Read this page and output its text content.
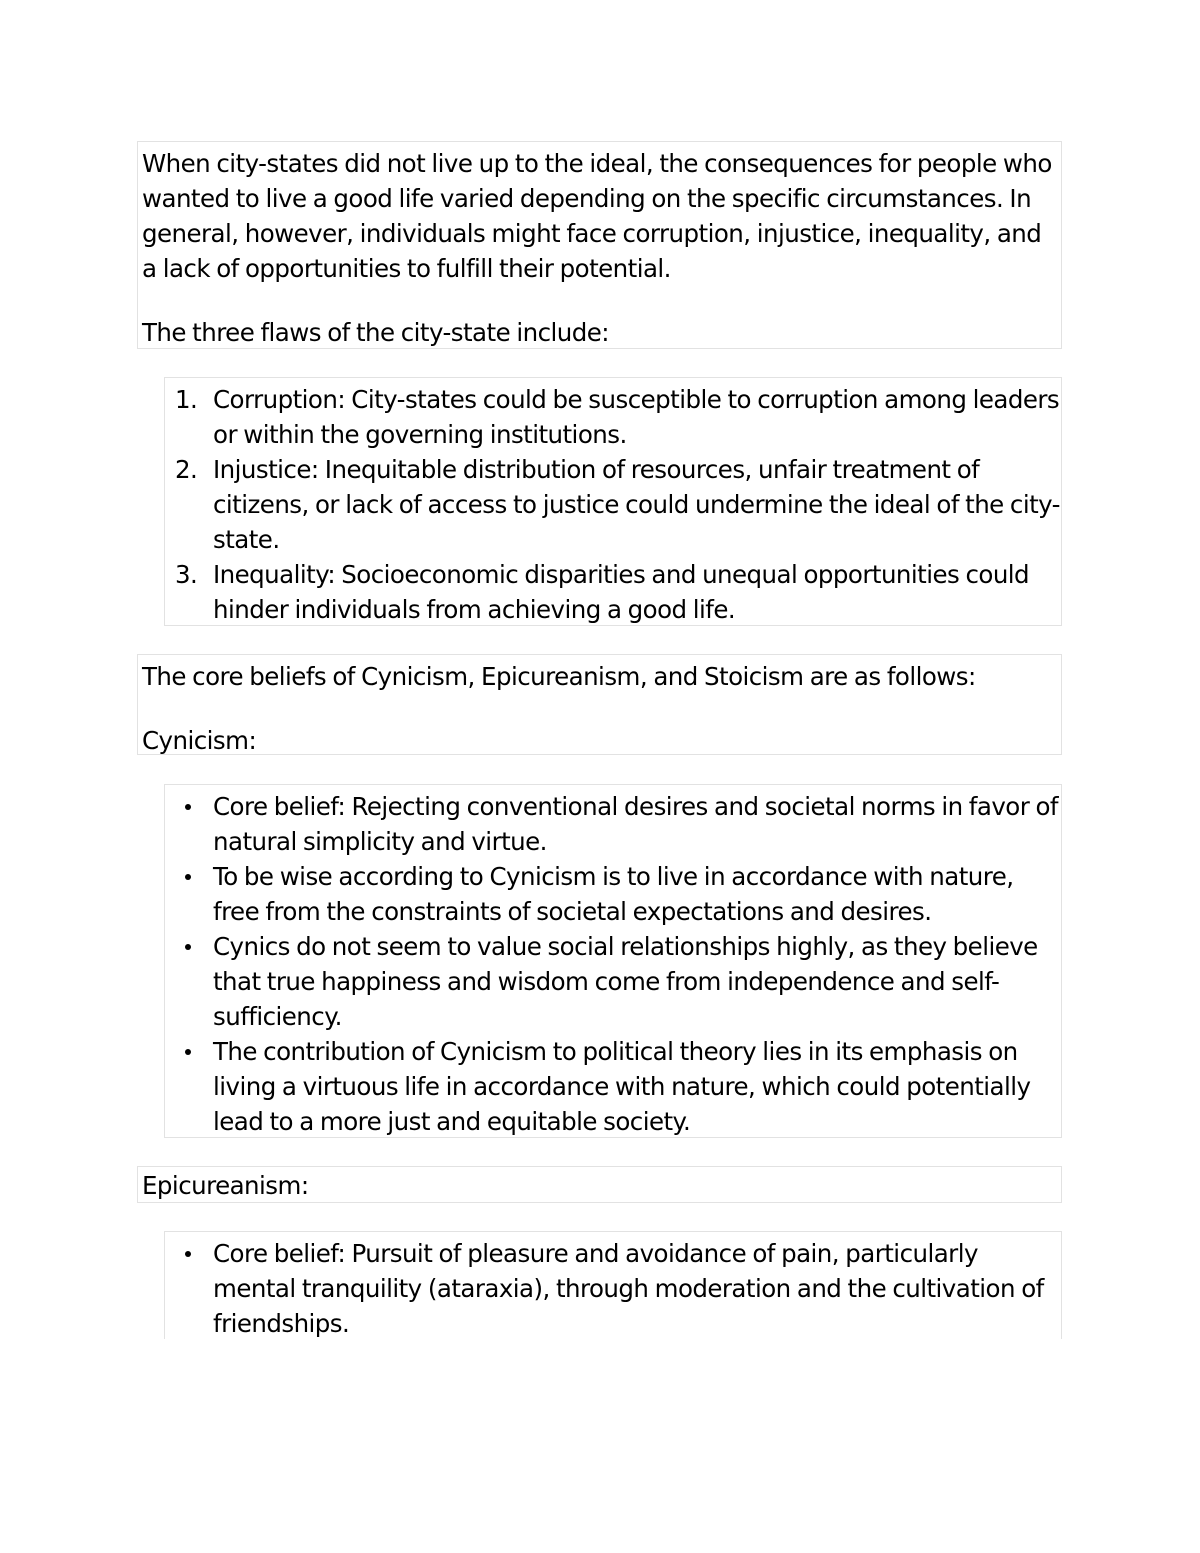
When city-states did not live up to the ideal, the consequences for people who wanted to live a good life varied depending on the specific circumstances. In general, however, individuals might face corruption, injustice, inequality, and a lack of opportunities to fulfill their potential.

The three flaws of the city-state include:

1. Corruption: City-states could be susceptible to corruption among leaders or within the governing institutions.
2. Injustice: Inequitable distribution of resources, unfair treatment of citizens, or lack of access to justice could undermine the ideal of the city-state.
3. Inequality: Socioeconomic disparities and unequal opportunities could hinder individuals from achieving a good life.

The core beliefs of Cynicism, Epicureanism, and Stoicism are as follows:

Cynicism:

Core belief: Rejecting conventional desires and societal norms in favor of natural simplicity and virtue.
To be wise according to Cynicism is to live in accordance with nature, free from the constraints of societal expectations and desires.
Cynics do not seem to value social relationships highly, as they believe that true happiness and wisdom come from independence and self-sufficiency.
The contribution of Cynicism to political theory lies in its emphasis on living a virtuous life in accordance with nature, which could potentially lead to a more just and equitable society.

Epicureanism:

Core belief: Pursuit of pleasure and avoidance of pain, particularly mental tranquility (ataraxia), through moderation and the cultivation of friendships.
